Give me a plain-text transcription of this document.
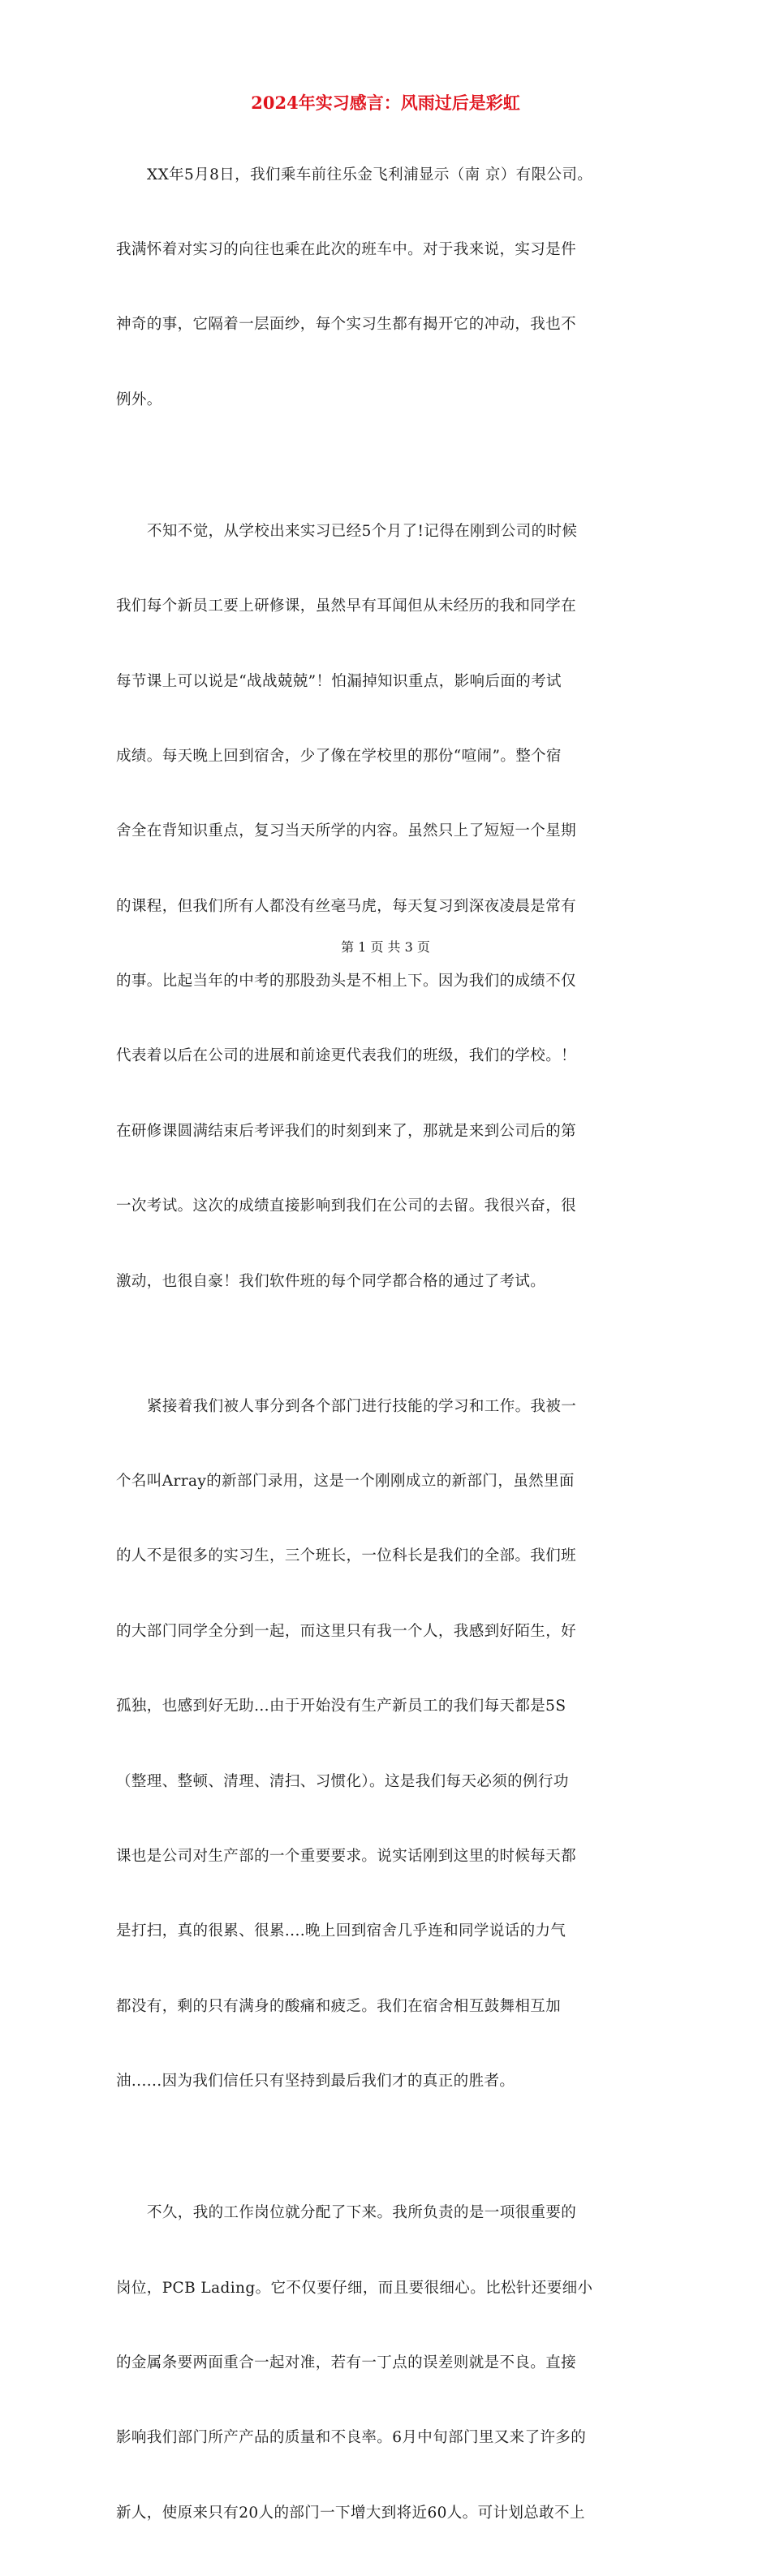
2024年实习感言：风雨过后是彩虹

XX年5月8日，我们乘车前往乐金飞利浦显示（南 京）有限公司。

我满怀着对实习的向往也乘在此次的班车中。对于我来说，实习是件

神奇的事，它隔着一层面纱，每个实习生都有揭开它的冲动，我也不

例外。

不知不觉，从学校出来实习已经5个月了!记得在刚到公司的时候

我们每个新员工要上研修课，虽然早有耳闻但从未经历的我和同学在

每节课上可以说是“战战兢兢”！怕漏掉知识重点，影响后面的考试

成绩。每天晚上回到宿舍，少了像在学校里的那份“喧闹”。整个宿

舍全在背知识重点，复习当天所学的内容。虽然只上了短短一个星期

的课程，但我们所有人都没有丝毫马虎，每天复习到深夜凌晨是常有

的事。比起当年的中考的那股劲头是不相上下。因为我们的成绩不仅

代表着以后在公司的进展和前途更代表我们的班级，我们的学校。！

在研修课圆满结束后考评我们的时刻到来了，那就是来到公司后的第

一次考试。这次的成绩直接影响到我们在公司的去留。我很兴奋，很

激动，也很自豪！我们软件班的每个同学都合格的通过了考试。

紧接着我们被人事分到各个部门进行技能的学习和工作。我被一

个名叫Array的新部门录用，这是一个刚刚成立的新部门，虽然里面

的人不是很多的实习生，三个班长，一位科长是我们的全部。我们班

的大部门同学全分到一起，而这里只有我一个人，我感到好陌生，好

孤独，也感到好无助...由于开始没有生产新员工的我们每天都是5S

（整理、整顿、清理、清扫、习惯化）。这是我们每天必须的例行功

课也是公司对生产部的一个重要要求。说实话刚到这里的时候每天都

是打扫，真的很累、很累....晚上回到宿舍几乎连和同学说话的力气

都没有，剩的只有满身的酸痛和疲乏。我们在宿舍相互鼓舞相互加

油......因为我们信任只有坚持到最后我们才的真正的胜者。

不久，我的工作岗位就分配了下来。我所负责的是一项很重要的

岗位，PCB Lading。它不仅要仔细，而且要很细心。比松针还要细小

的金属条要两面重合一起对准，若有一丁点的误差则就是不良。直接

影响我们部门所产产品的质量和不良率。6月中旬部门里又来了许多的

新人，使原来只有20人的部门一下增大到将近60人。可计划总敢不上

第 1 页 共 3 页
